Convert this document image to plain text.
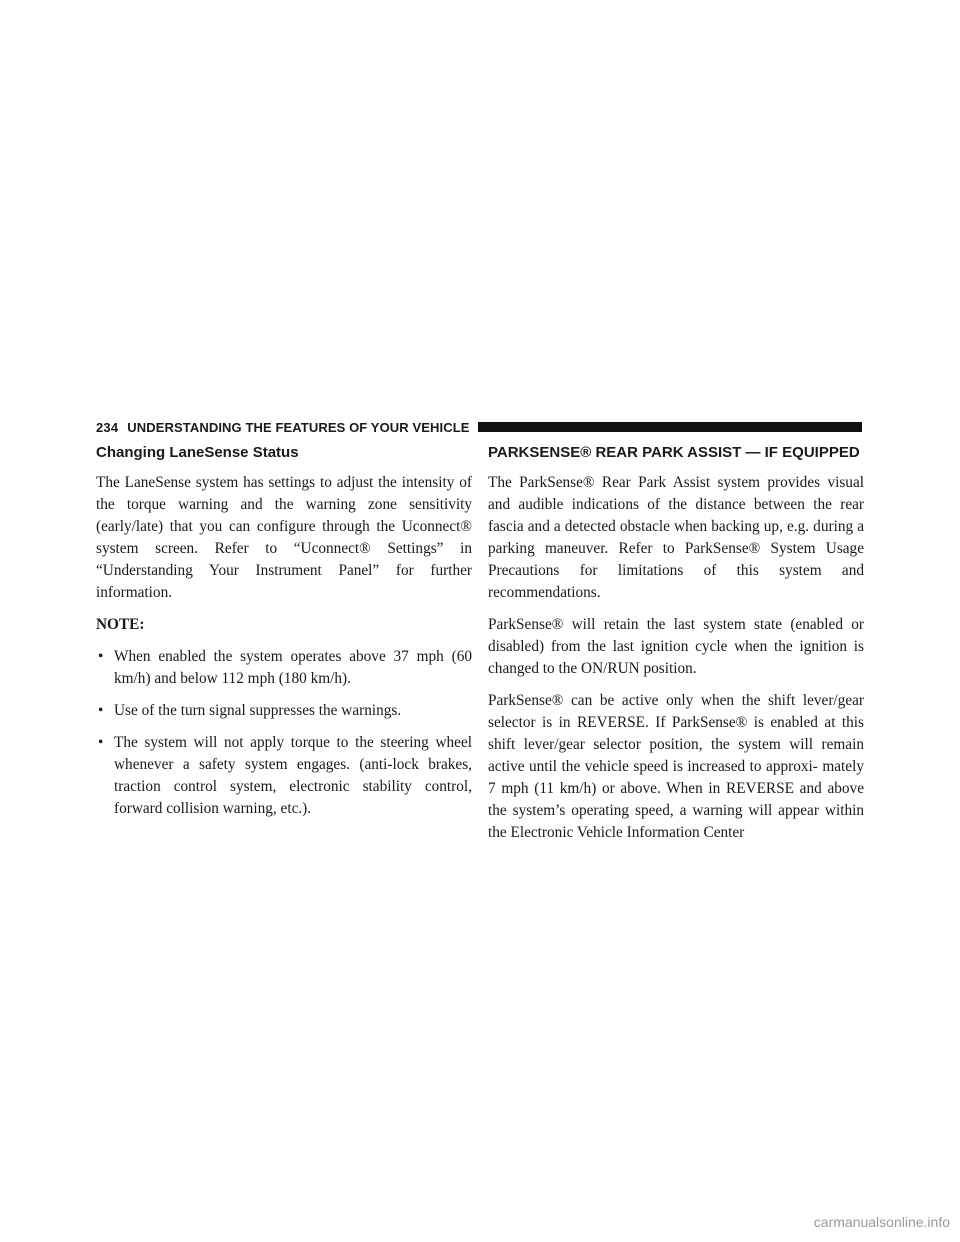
234 UNDERSTANDING THE FEATURES OF YOUR VEHICLE
Changing LaneSense Status

The LaneSense system has settings to adjust the intensity of the torque warning and the warning zone sensitivity (early/late) that you can configure through the Uconnect® system screen. Refer to “Uconnect® Settings” in “Understanding Your Instrument Panel” for further information.

NOTE:
• When enabled the system operates above 37 mph (60 km/h) and below 112 mph (180 km/h).
• Use of the turn signal suppresses the warnings.
• The system will not apply torque to the steering wheel whenever a safety system engages. (anti-lock brakes, traction control system, electronic stability control, forward collision warning, etc.).
PARKSENSE® REAR PARK ASSIST — IF EQUIPPED

The ParkSense® Rear Park Assist system provides visual and audible indications of the distance between the rear fascia and a detected obstacle when backing up, e.g. during a parking maneuver. Refer to ParkSense® System Usage Precautions for limitations of this system and recommendations.

ParkSense® will retain the last system state (enabled or disabled) from the last ignition cycle when the ignition is changed to the ON/RUN position.

ParkSense® can be active only when the shift lever/gear selector is in REVERSE. If ParkSense® is enabled at this shift lever/gear selector position, the system will remain active until the vehicle speed is increased to approxi- mately 7 mph (11 km/h) or above. When in REVERSE and above the system’s operating speed, a warning will appear within the Electronic Vehicle Information Center

carmanualsonline.info
